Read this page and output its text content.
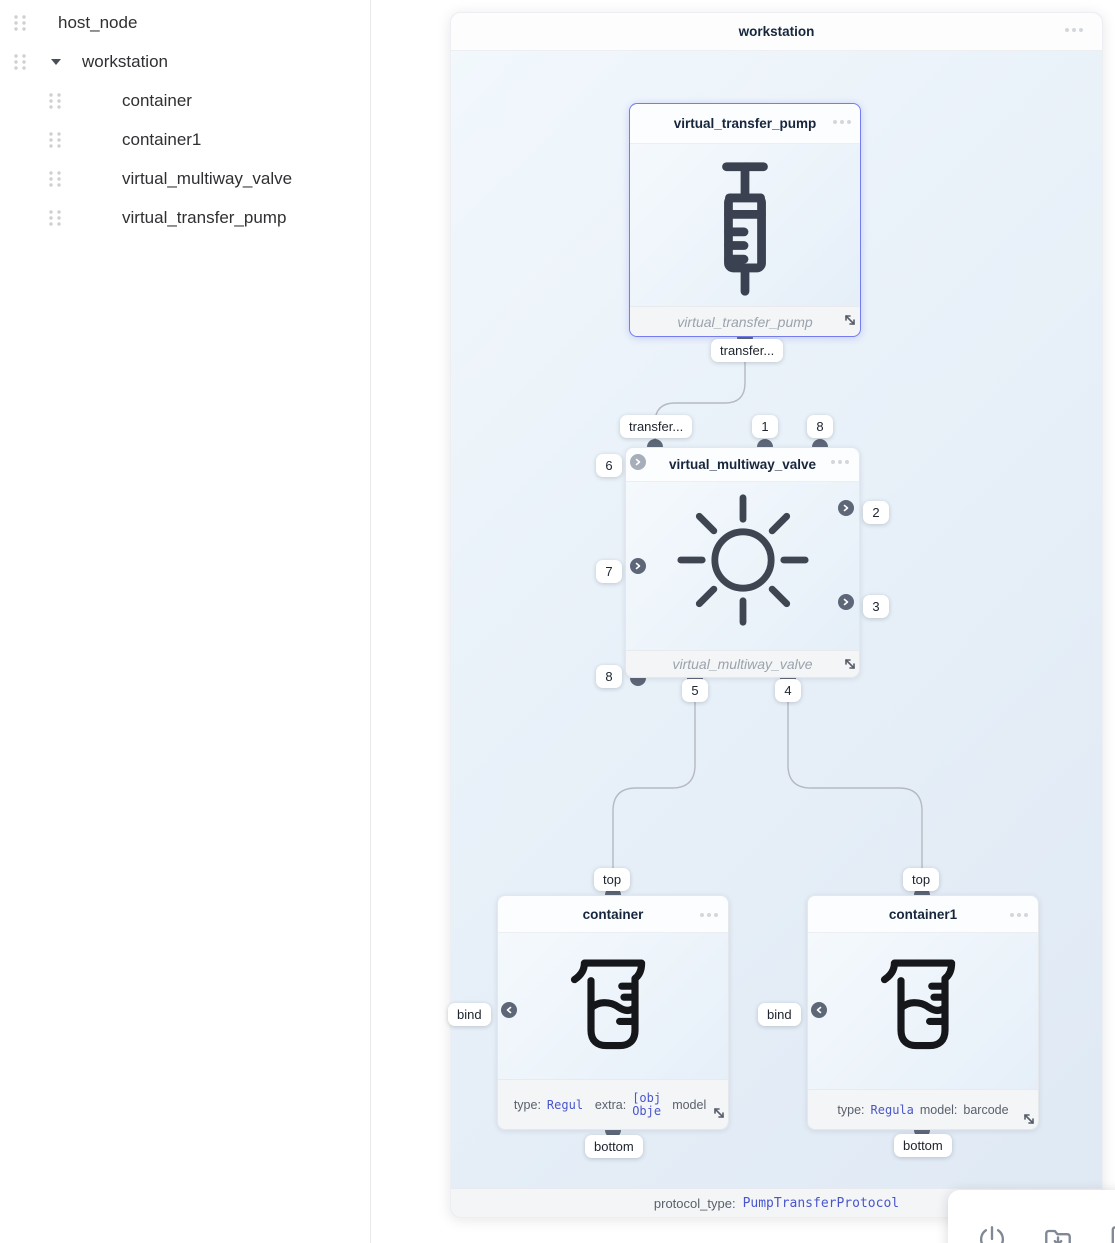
host_node
workstation
container
container1
virtual_multiway_valve
virtual_transfer_pump
workstation
protocol_type: PumpTransferProtocol
virtual_transfer_pump
virtual_transfer_pump
transfer...
virtual_multiway_valve
virtual_multiway_valve
transfer...	1	8
6
7
8
2
3
5	4
container
type: Regul extra: [obj Obje model
top
bottom
bind
container1
type: Regula model: barcode
top
bottom
bind
